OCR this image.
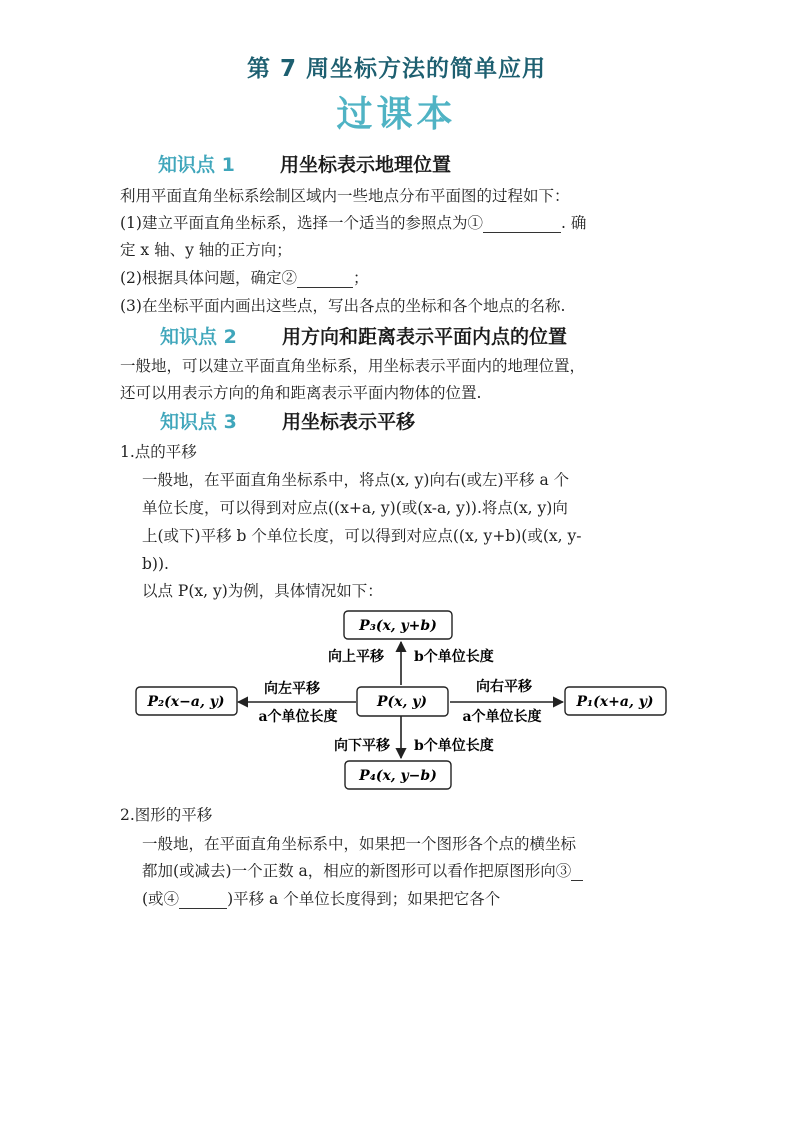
第 7 周坐标方法的简单应用
过课本
知识点 1 用坐标表示地理位置
利用平面直角坐标系绘制区域内一些地点分布平面图的过程如下：
(1)建立平面直角坐标系，选择一个适当的参照点为①	. 确
定 x 轴、y 轴的正方向；
(2)根据具体问题，确定②	；
(3)在坐标平面内画出这些点，写出各点的坐标和各个地点的名称.
知识点 2 用方向和距离表示平面内点的位置
一般地，可以建立平面直角坐标系，用坐标表示平面内的地理位置，
还可以用表示方向的角和距离表示平面内物体的位置.
知识点 3 用坐标表示平移
1.点的平移
一般地，在平面直角坐标系中，将点(x, y)向右(或左)平移 a 个
单位长度，可以得到对应点((x+a, y)(或(x-a, y)).将点(x, y)向
上(或下)平移 b 个单位长度，可以得到对应点((x, y+b)(或(x, y-
b)).
以点 P(x, y)为例，具体情况如下：
P₃(x, y+b)
P(x, y)
P₄(x, y−b)
P₂(x−a, y)	P₁(x+a, y)
向上平移 b个单位长度
向下平移 b个单位长度
向左平移
a个单位长度
向右平移
a个单位长度
2.图形的平移
一般地，在平面直角坐标系中，如果把一个图形各个点的横坐标
都加(或减去)一个正数 a，相应的新图形可以看作把原图形向③
(或④	)平移 a 个单位长度得到；如果把它各个
